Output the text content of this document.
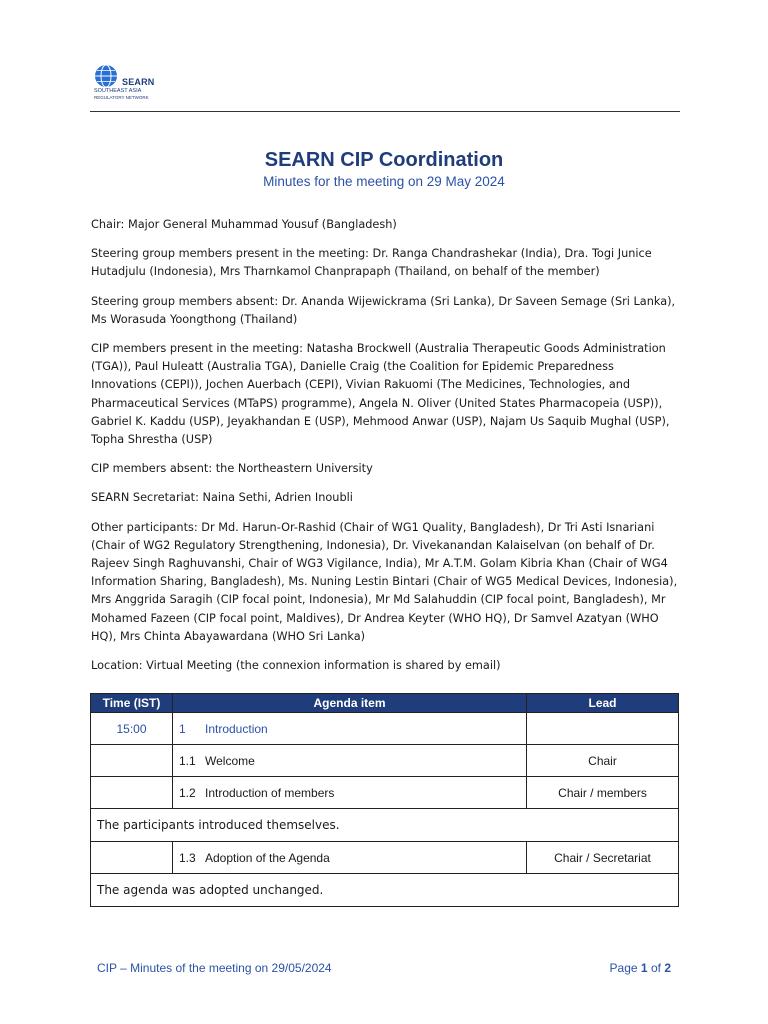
SEARN
SOUTHEAST ASIA
REGULATORY NETWORK
SEARN CIP Coordination
Minutes for the meeting on 29 May 2024

Chair: Major General Muhammad Yousuf (Bangladesh)

Steering group members present in the meeting: Dr. Ranga Chandrashekar (India), Dra. Togi Junice Hutadjulu (Indonesia), Mrs Tharnkamol Chanprapaph (Thailand, on behalf of the member)

Steering group members absent: Dr. Ananda Wijewickrama (Sri Lanka), Dr Saveen Semage (Sri Lanka), Ms Worasuda Yoongthong (Thailand)

CIP members present in the meeting: Natasha Brockwell (Australia Therapeutic Goods Administration (TGA)), Paul Huleatt (Australia TGA), Danielle Craig (the Coalition for Epidemic Preparedness Innovations (CEPI)), Jochen Auerbach (CEPI), Vivian Rakuomi (The Medicines, Technologies, and Pharmaceutical Services (MTaPS) programme), Angela N. Oliver (United States Pharmacopeia (USP)), Gabriel K. Kaddu (USP), Jeyakhandan E (USP), Mehmood Anwar (USP), Najam Us Saquib Mughal (USP), Topha Shrestha (USP)

CIP members absent: the Northeastern University

SEARN Secretariat: Naina Sethi, Adrien Inoubli

Other participants: Dr Md. Harun-Or-Rashid (Chair of WG1 Quality, Bangladesh), Dr Tri Asti Isnariani (Chair of WG2 Regulatory Strengthening, Indonesia), Dr. Vivekanandan Kalaiselvan (on behalf of Dr. Rajeev Singh Raghuvanshi, Chair of WG3 Vigilance, India), Mr A.T.M. Golam Kibria Khan (Chair of WG4 Information Sharing, Bangladesh), Ms. Nuning Lestin Bintari (Chair of WG5 Medical Devices, Indonesia), Mrs Anggrida Saragih (CIP focal point, Indonesia), Mr Md Salahuddin (CIP focal point, Bangladesh), Mr Mohamed Fazeen (CIP focal point, Maldives), Dr Andrea Keyter (WHO HQ), Dr Samvel Azatyan (WHO HQ), Mrs Chinta Abayawardana (WHO Sri Lanka)

Location: Virtual Meeting (the connexion information is shared by email)

Time (IST)	Agenda item	Lead
15:00	1 Introduction	
	1.1 Welcome	Chair
	1.2 Introduction of members	Chair / members
The participants introduced themselves.		
	1.3 Adoption of the Agenda	Chair / Secretariat
The agenda was adopted unchanged.		
CIP – Minutes of the meeting on 29/05/2024	Page 1 of 2
